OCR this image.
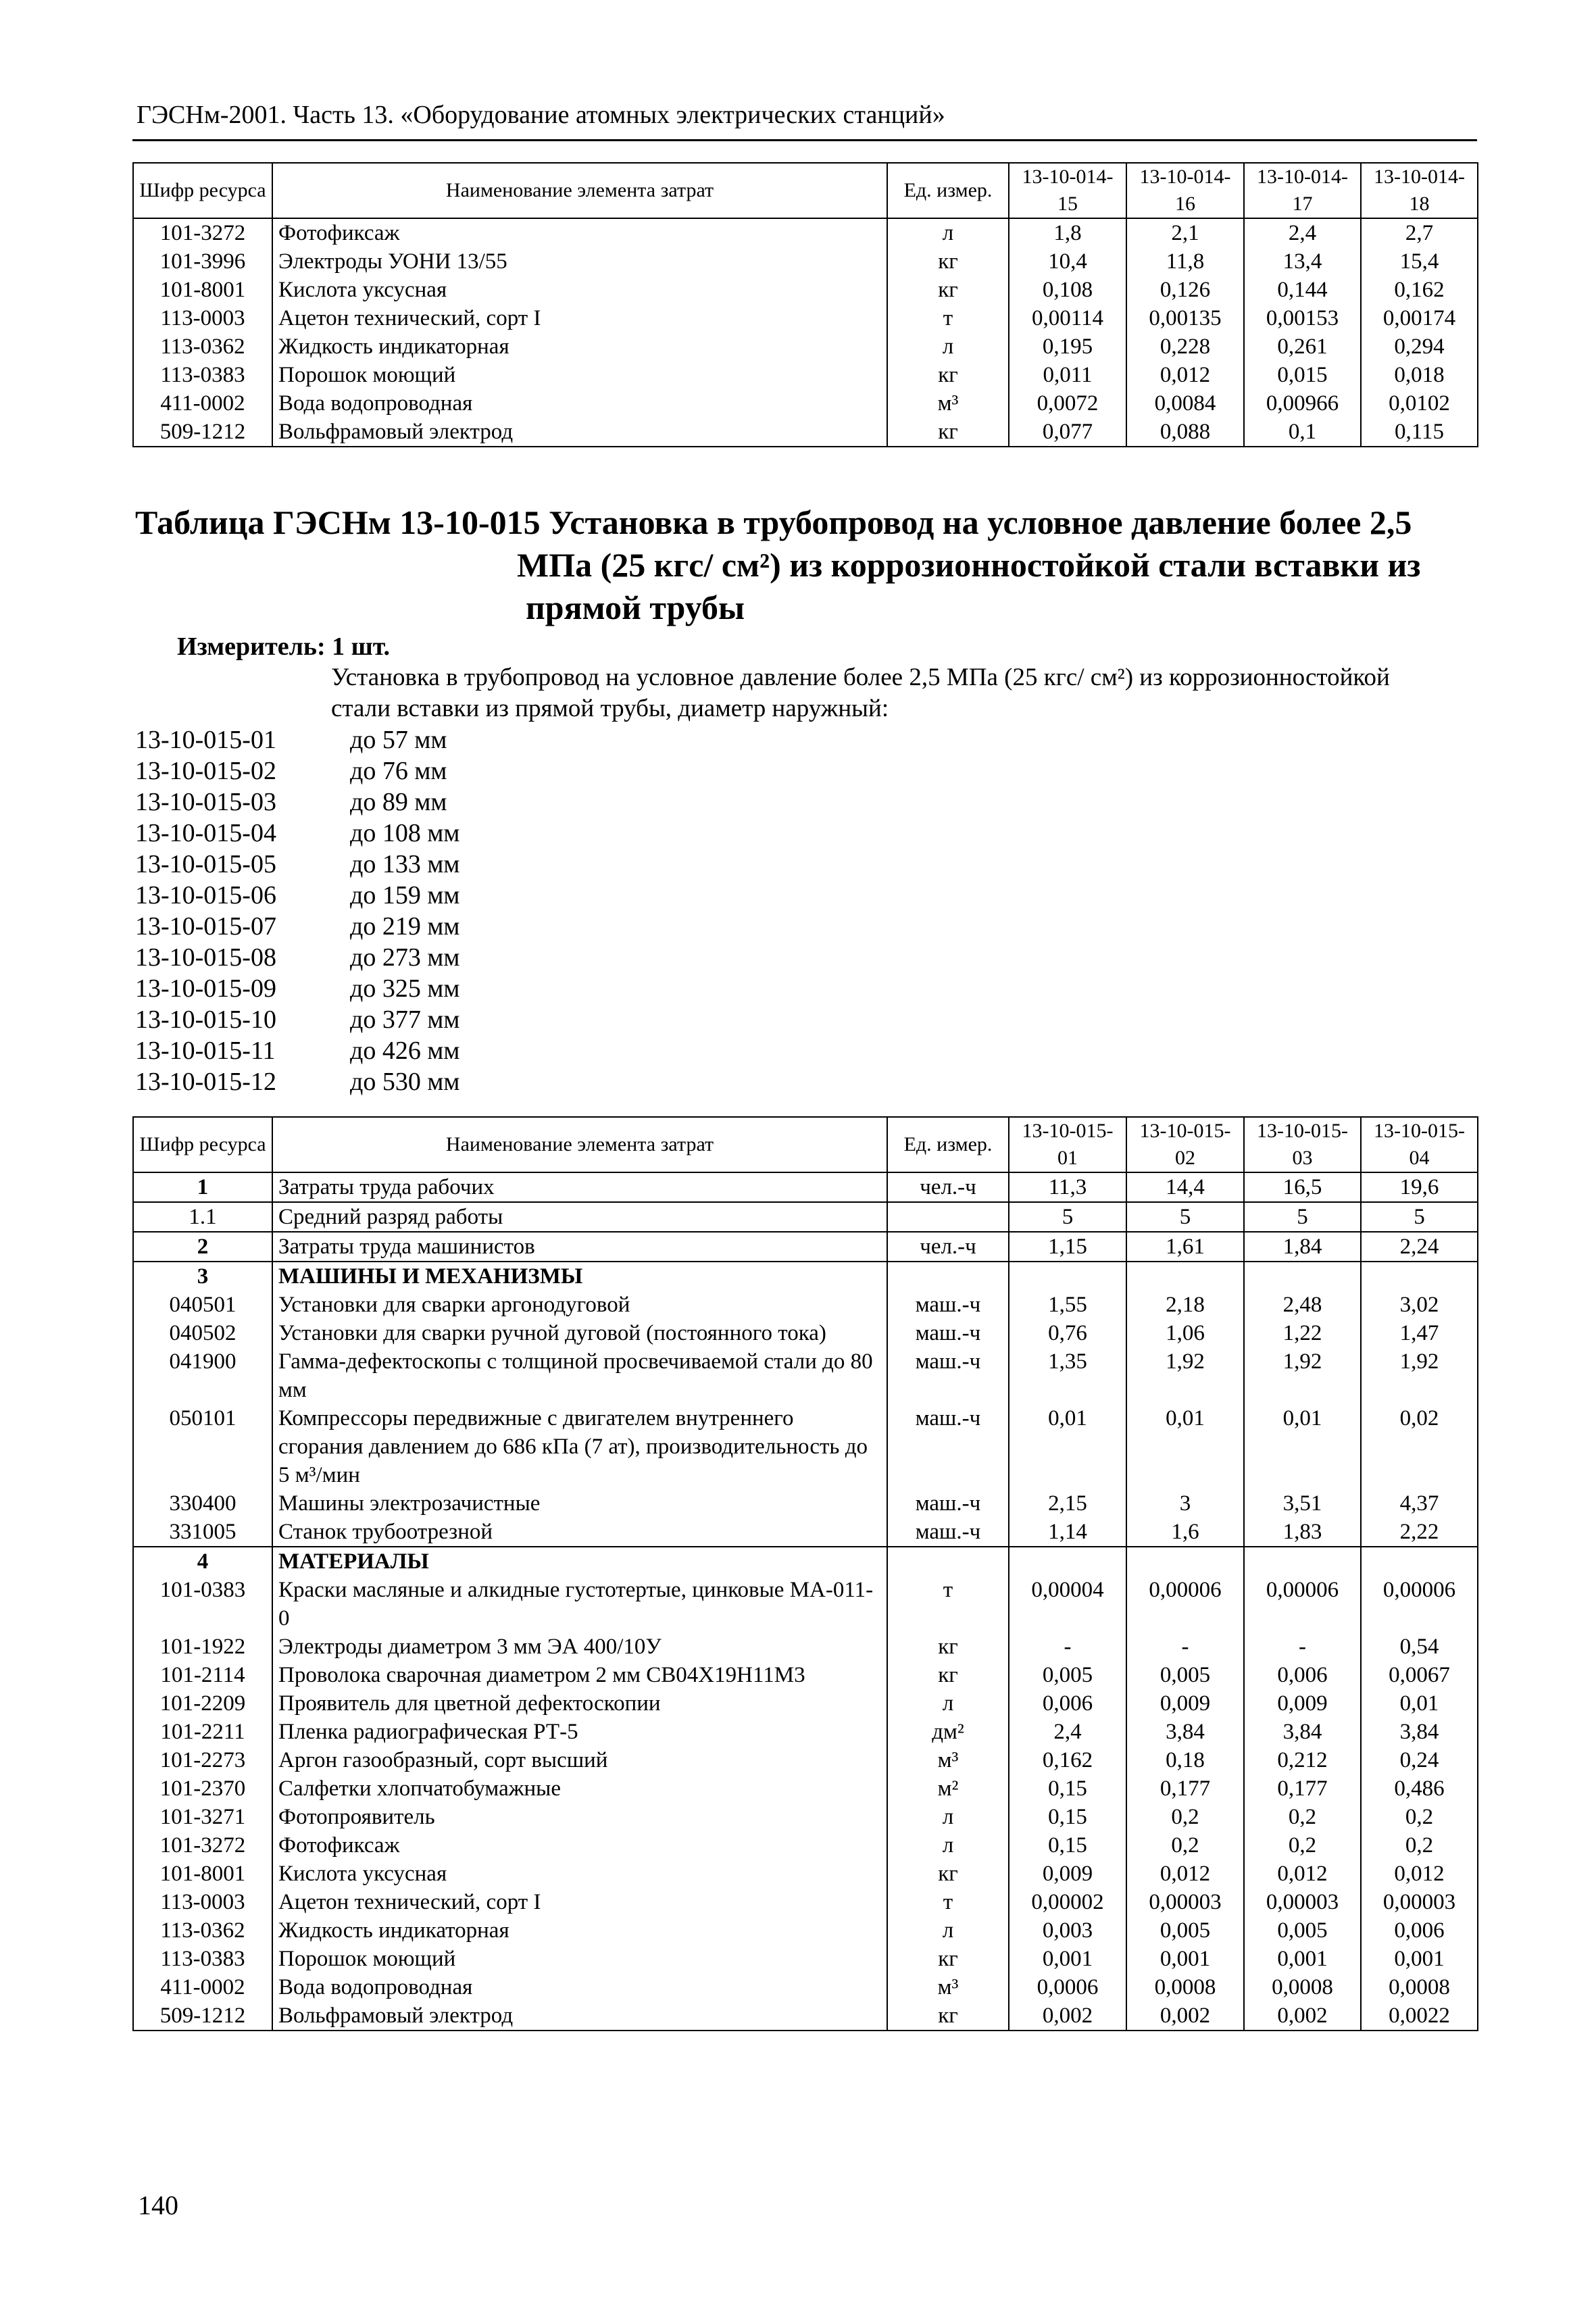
ГЭСНм-2001. Часть 13. «Оборудование атомных электрических станций»
Шифр ресурса	Наименование элемента затрат	Ед. измер.	13-10-014-15	13-10-014-16	13-10-014-17	13-10-014-18
101-3272	Фотофиксаж	л	1,8	2,1	2,4	2,7
101-3996	Электроды УОНИ 13/55	кг	10,4	11,8	13,4	15,4
101-8001	Кислота уксусная	кг	0,108	0,126	0,144	0,162
113-0003	Ацетон технический, сорт I	т	0,00114	0,00135	0,00153	0,00174
113-0362	Жидкость индикаторная	л	0,195	0,228	0,261	0,294
113-0383	Порошок моющий	кг	0,011	0,012	0,015	0,018
411-0002	Вода водопроводная	м³	0,0072	0,0084	0,00966	0,0102
509-1212	Вольфрамовый электрод	кг	0,077	0,088	0,1	0,115
Таблица ГЭСНм 13-10-015 Установка в трубопровод на условное давление более 2,5
МПа (25 кгс/ см²) из коррозионностойкой стали вставки из
прямой трубы
Измеритель: 1 шт.
Установка в трубопровод на условное давление более 2,5 МПа (25 кгс/ см²) из коррозионностойкой стали вставки из прямой трубы, диаметр наружный:
13-10-015-01	до 57 мм
13-10-015-02	до 76 мм
13-10-015-03	до 89 мм
13-10-015-04	до 108 мм
13-10-015-05	до 133 мм
13-10-015-06	до 159 мм
13-10-015-07	до 219 мм
13-10-015-08	до 273 мм
13-10-015-09	до 325 мм
13-10-015-10	до 377 мм
13-10-015-11	до 426 мм
13-10-015-12	до 530 мм
Шифр ресурса	Наименование элемента затрат	Ед. измер.	13-10-015-01	13-10-015-02	13-10-015-03	13-10-015-04
1	Затраты труда рабочих	чел.-ч	11,3	14,4	16,5	19,6
1.1	Средний разряд работы		5	5	5	5
2	Затраты труда машинистов	чел.-ч	1,15	1,61	1,84	2,24
3	МАШИНЫ И МЕХАНИЗМЫ					
040501	Установки для сварки аргонодуговой	маш.-ч	1,55	2,18	2,48	3,02
040502	Установки для сварки ручной дуговой (постоянного тока)	маш.-ч	0,76	1,06	1,22	1,47
041900	Гамма-дефектоскопы с толщиной просвечиваемой стали до 80 мм	маш.-ч	1,35	1,92	1,92	1,92
050101	Компрессоры передвижные с двигателем внутреннего сгорания давлением до 686 кПа (7 ат), производительность до 5 м³/мин	маш.-ч	0,01	0,01	0,01	0,02
330400	Машины электрозачистные	маш.-ч	2,15	3	3,51	4,37
331005	Станок трубоотрезной	маш.-ч	1,14	1,6	1,83	2,22
4	МАТЕРИАЛЫ					
101-0383	Краски масляные и алкидные густотертые, цинковые МА-011-0	т	0,00004	0,00006	0,00006	0,00006
101-1922	Электроды диаметром 3 мм ЭА 400/10У	кг	-	-	-	0,54
101-2114	Проволока сварочная диаметром 2 мм СВ04Х19Н11М3	кг	0,005	0,005	0,006	0,0067
101-2209	Проявитель для цветной дефектоскопии	л	0,006	0,009	0,009	0,01
101-2211	Пленка радиографическая РТ-5	дм²	2,4	3,84	3,84	3,84
101-2273	Аргон газообразный, сорт высший	м³	0,162	0,18	0,212	0,24
101-2370	Салфетки хлопчатобумажные	м²	0,15	0,177	0,177	0,486
101-3271	Фотопроявитель	л	0,15	0,2	0,2	0,2
101-3272	Фотофиксаж	л	0,15	0,2	0,2	0,2
101-8001	Кислота уксусная	кг	0,009	0,012	0,012	0,012
113-0003	Ацетон технический, сорт I	т	0,00002	0,00003	0,00003	0,00003
113-0362	Жидкость индикаторная	л	0,003	0,005	0,005	0,006
113-0383	Порошок моющий	кг	0,001	0,001	0,001	0,001
411-0002	Вода водопроводная	м³	0,0006	0,0008	0,0008	0,0008
509-1212	Вольфрамовый электрод	кг	0,002	0,002	0,002	0,0022
140
